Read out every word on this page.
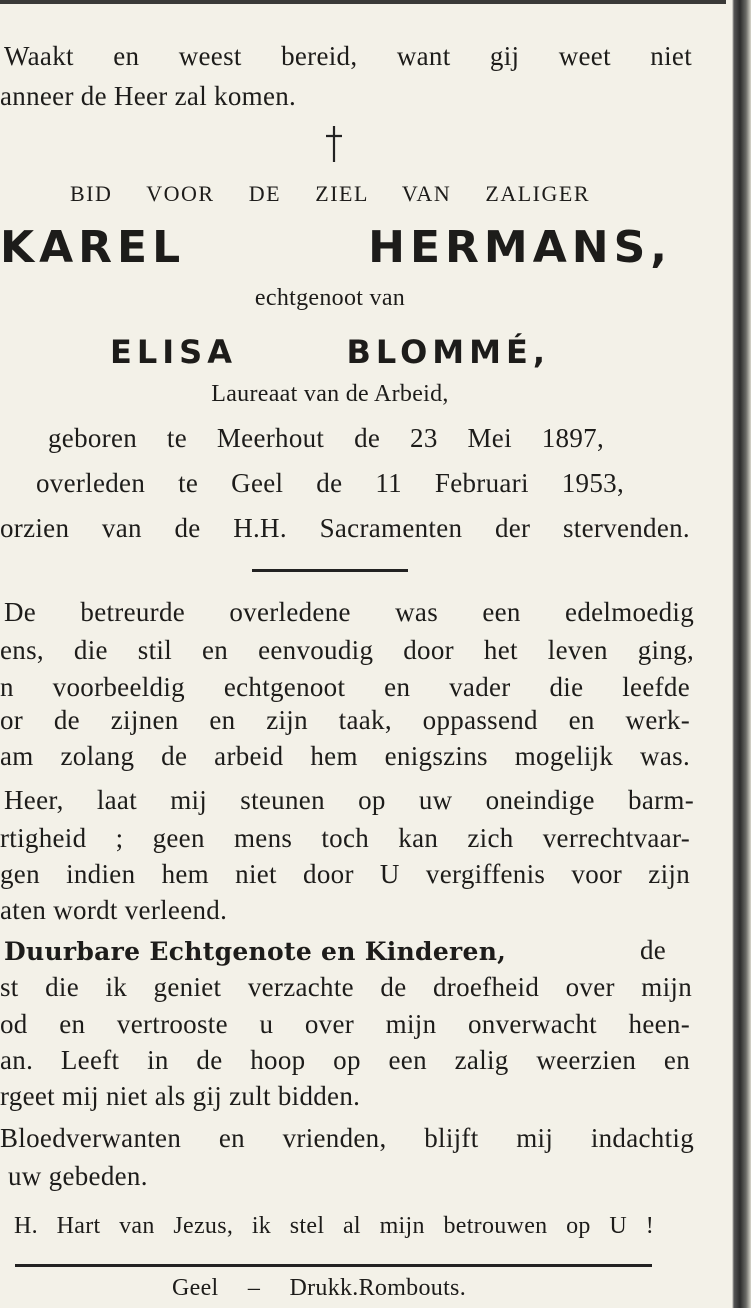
Duurbare Echtgenote en Kinderen,	de
Waakt en weest bereid, want gij weet niet
anneer de Heer zal komen.
BID VOOR DE ZIEL VAN ZALIGER
KAREL HERMANS,
echtgenoot van
ELISA BLOMMÉ,
Laureaat van de Arbeid,
geboren te Meerhout de 23 Mei 1897,
overleden te Geel de 11 Februari 1953,
orzien van de H.H. Sacramenten der stervenden.
De betreurde overledene was een edelmoedig
ens, die stil en eenvoudig door het leven ging,
n voorbeeldig echtgenoot en vader die leefde
or de zijnen en zijn taak, oppassend en werk-
am zolang de arbeid hem enigszins mogelijk was.
Heer, laat mij steunen op uw oneindige barm-
rtigheid ; geen mens toch kan zich verrechtvaar-
gen indien hem niet door U vergiffenis voor zijn
aten wordt verleend.
st die ik geniet verzachte de droefheid over mijn
od en vertrooste u over mijn onverwacht heen-
an. Leeft in de hoop op een zalig weerzien en
rgeet mij niet als gij zult bidden.
Bloedverwanten en vrienden, blijft mij indachtig
uw gebeden.
H. Hart van Jezus, ik stel al mijn betrouwen op U !
Geel – Drukk.Rombouts.
